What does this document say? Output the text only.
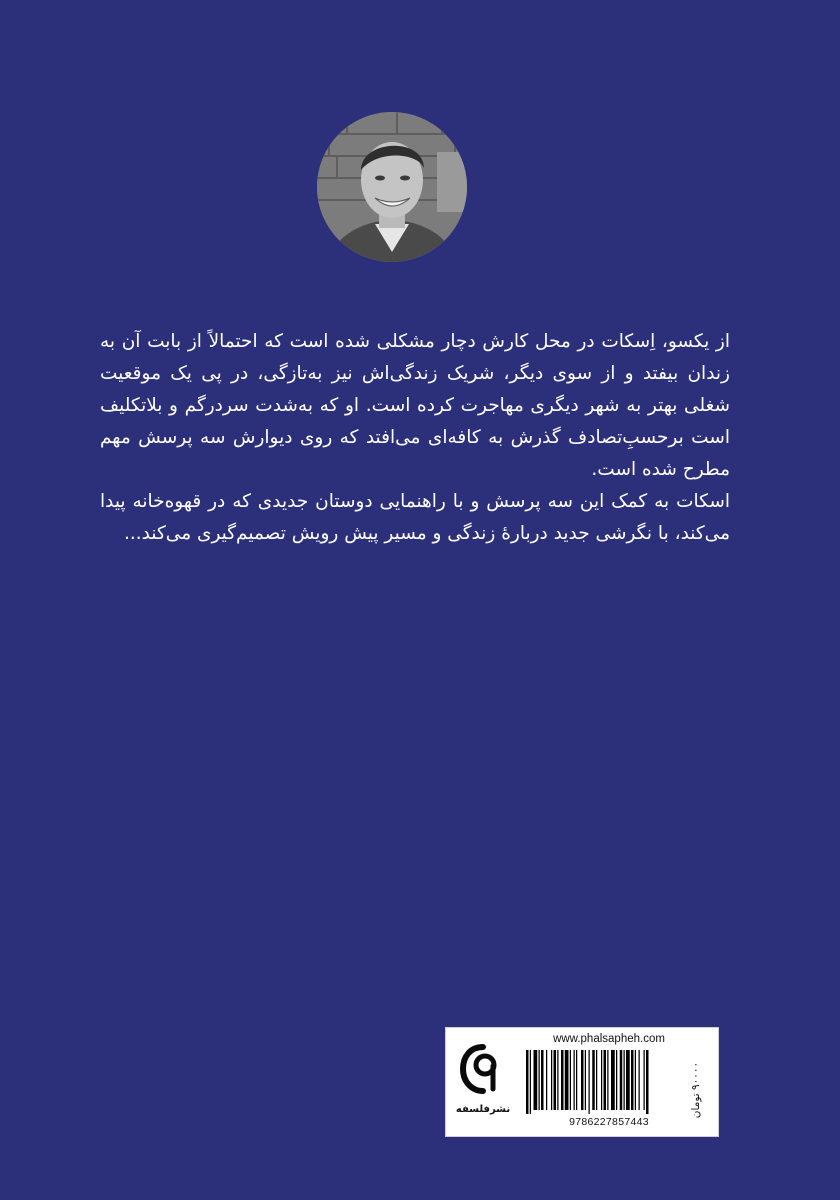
از یکسو، اِسکات در محل کارش دچار مشکلی شده است که احتمالاً از بابت آن به زندان بیفتد و از سوی دیگر، شریک زندگی‌اش نیز به‌تازگی، در پی یک موقعیت شغلی بهتر به شهر دیگری مهاجرت کرده است. او که به‌شدت سردرگم و بلاتکلیف است برحسبِ‌تصادف گذرش به کافه‌ای می‌افتد که روی دیوارش سه پرسش مهم مطرح شده است.

اسکات به کمک این سه پرسش و با راهنمایی دوستان جدیدی که در قهوه‌خانه پیدا می‌کند، با نگرشی جدید دربارۀ زندگی و مسیر پیش رویش تصمیم‌گیری می‌کند...

نشرفلسفه
www.phalsapheh.com
9786227857443
۹۰۰۰۰ تومان
